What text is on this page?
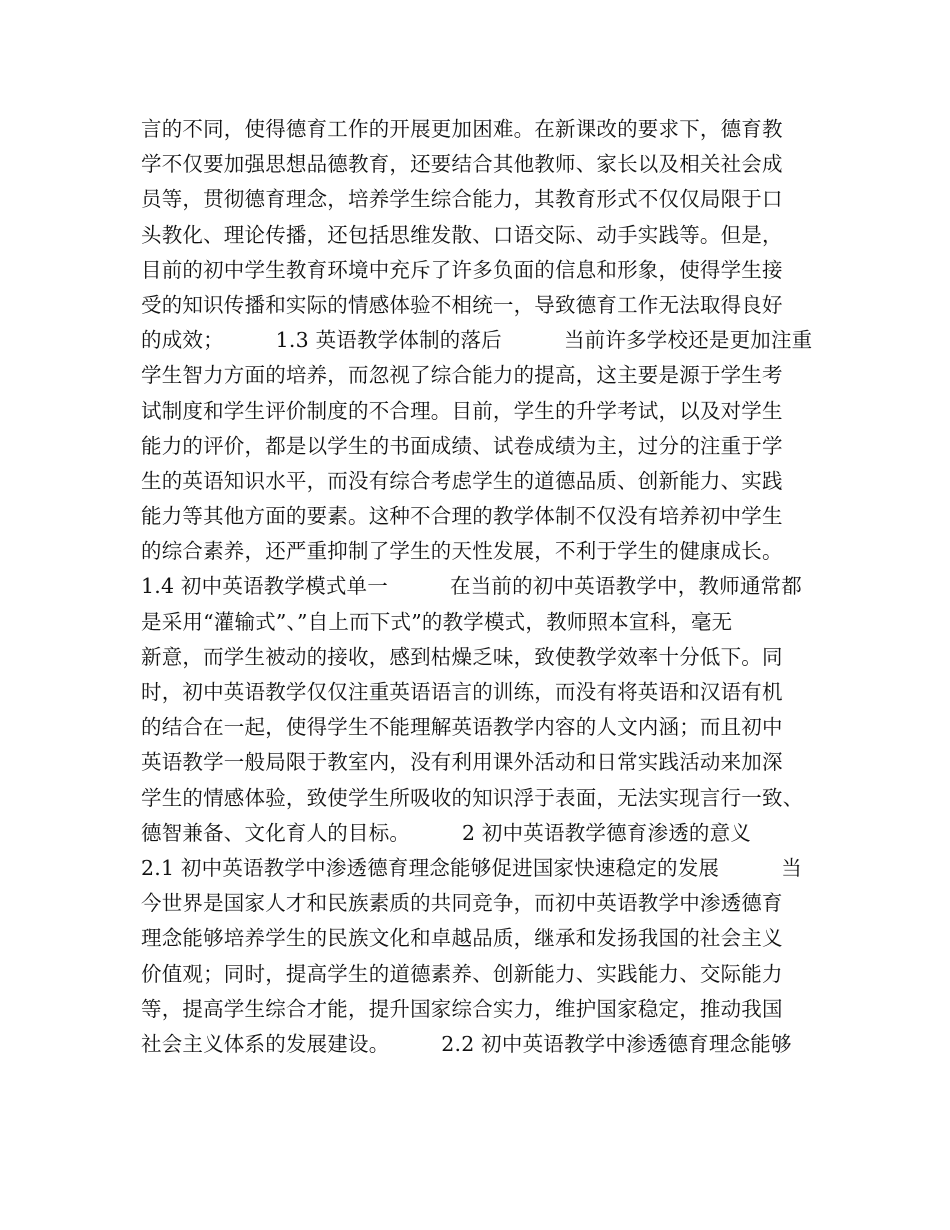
言的不同，使得德育工作的开展更加困难。在新课改的要求下，德育教
学不仅要加强思想品德教育，还要结合其他教师、家长以及相关社会成
员等，贯彻德育理念，培养学生综合能力，其教育形式不仅仅局限于口
头教化、理论传播，还包括思维发散、口语交际、动手实践等。但是，
目前的初中学生教育环境中充斥了许多负面的信息和形象，使得学生接
受的知识传播和实际的情感体验不相统一，导致德育工作无法取得良好
的成效；　　　1.3 英语教学体制的落后　　　当前许多学校还是更加注重
学生智力方面的培养，而忽视了综合能力的提高，这主要是源于学生考
试制度和学生评价制度的不合理。目前，学生的升学考试，以及对学生
能力的评价，都是以学生的书面成绩、试卷成绩为主，过分的注重于学
生的英语知识水平，而没有综合考虑学生的道德品质、创新能力、实践
能力等其他方面的要素。这种不合理的教学体制不仅没有培养初中学生
的综合素养，还严重抑制了学生的天性发展，不利于学生的健康成长。
1.4 初中英语教学模式单一　　　在当前的初中英语教学中，教师通常都
是采用“灌输式”、”自上而下式”的教学模式，教师照本宣科，毫无
新意，而学生被动的接收，感到枯燥乏味，致使教学效率十分低下。同
时，初中英语教学仅仅注重英语语言的训练，而没有将英语和汉语有机
的结合在一起，使得学生不能理解英语教学内容的人文内涵；而且初中
英语教学一般局限于教室内，没有利用课外活动和日常实践活动来加深
学生的情感体验，致使学生所吸收的知识浮于表面，无法实现言行一致、
德智兼备、文化育人的目标。　　　2 初中英语教学德育渗透的意义
2.1 初中英语教学中渗透德育理念能够促进国家快速稳定的发展　　　当
今世界是国家人才和民族素质的共同竞争，而初中英语教学中渗透德育
理念能够培养学生的民族文化和卓越品质，继承和发扬我国的社会主义
价值观；同时，提高学生的道德素养、创新能力、实践能力、交际能力
等，提高学生综合才能，提升国家综合实力，维护国家稳定，推动我国
社会主义体系的发展建设。　　　2.2 初中英语教学中渗透德育理念能够
